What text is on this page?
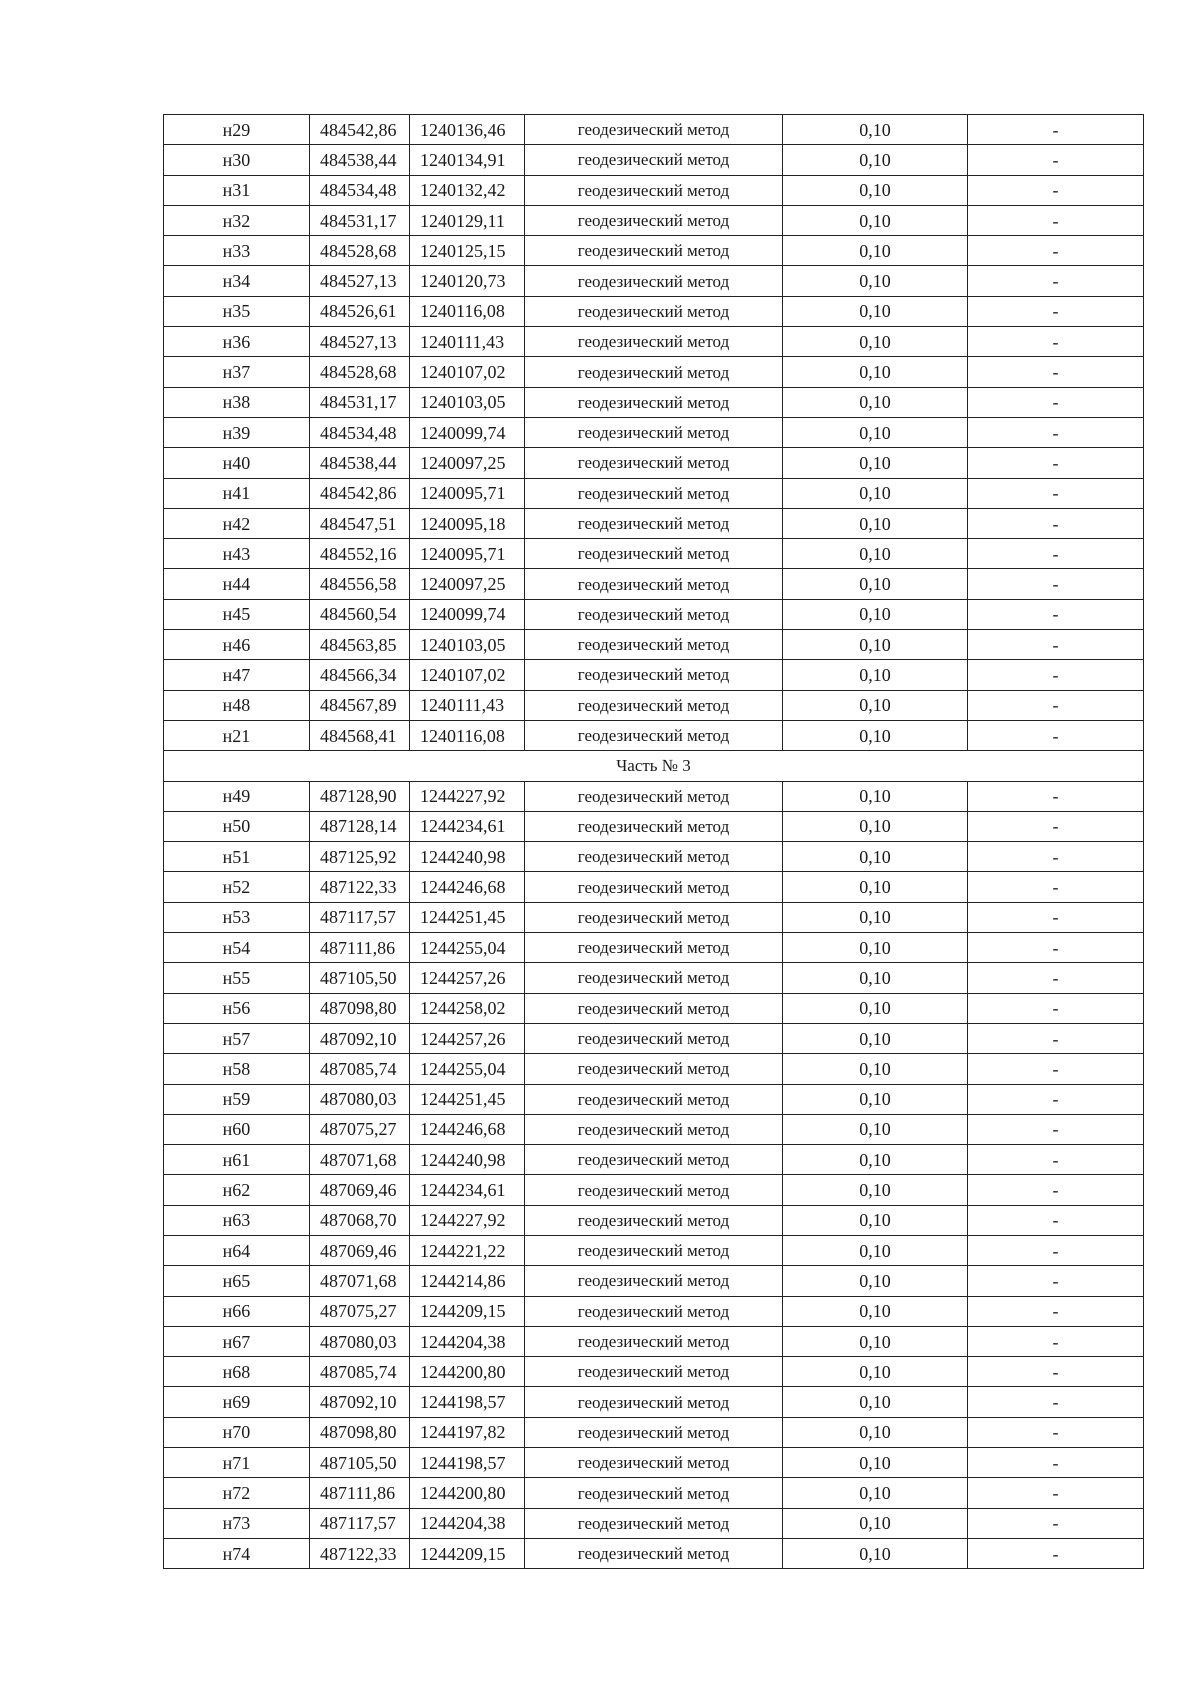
н29	484542,86	1240136,46	геодезический метод	0,10	-
н30	484538,44	1240134,91	геодезический метод	0,10	-
н31	484534,48	1240132,42	геодезический метод	0,10	-
н32	484531,17	1240129,11	геодезический метод	0,10	-
н33	484528,68	1240125,15	геодезический метод	0,10	-
н34	484527,13	1240120,73	геодезический метод	0,10	-
н35	484526,61	1240116,08	геодезический метод	0,10	-
н36	484527,13	1240111,43	геодезический метод	0,10	-
н37	484528,68	1240107,02	геодезический метод	0,10	-
н38	484531,17	1240103,05	геодезический метод	0,10	-
н39	484534,48	1240099,74	геодезический метод	0,10	-
н40	484538,44	1240097,25	геодезический метод	0,10	-
н41	484542,86	1240095,71	геодезический метод	0,10	-
н42	484547,51	1240095,18	геодезический метод	0,10	-
н43	484552,16	1240095,71	геодезический метод	0,10	-
н44	484556,58	1240097,25	геодезический метод	0,10	-
н45	484560,54	1240099,74	геодезический метод	0,10	-
н46	484563,85	1240103,05	геодезический метод	0,10	-
н47	484566,34	1240107,02	геодезический метод	0,10	-
н48	484567,89	1240111,43	геодезический метод	0,10	-
н21	484568,41	1240116,08	геодезический метод	0,10	-
Часть № 3					
н49	487128,90	1244227,92	геодезический метод	0,10	-
н50	487128,14	1244234,61	геодезический метод	0,10	-
н51	487125,92	1244240,98	геодезический метод	0,10	-
н52	487122,33	1244246,68	геодезический метод	0,10	-
н53	487117,57	1244251,45	геодезический метод	0,10	-
н54	487111,86	1244255,04	геодезический метод	0,10	-
н55	487105,50	1244257,26	геодезический метод	0,10	-
н56	487098,80	1244258,02	геодезический метод	0,10	-
н57	487092,10	1244257,26	геодезический метод	0,10	-
н58	487085,74	1244255,04	геодезический метод	0,10	-
н59	487080,03	1244251,45	геодезический метод	0,10	-
н60	487075,27	1244246,68	геодезический метод	0,10	-
н61	487071,68	1244240,98	геодезический метод	0,10	-
н62	487069,46	1244234,61	геодезический метод	0,10	-
н63	487068,70	1244227,92	геодезический метод	0,10	-
н64	487069,46	1244221,22	геодезический метод	0,10	-
н65	487071,68	1244214,86	геодезический метод	0,10	-
н66	487075,27	1244209,15	геодезический метод	0,10	-
н67	487080,03	1244204,38	геодезический метод	0,10	-
н68	487085,74	1244200,80	геодезический метод	0,10	-
н69	487092,10	1244198,57	геодезический метод	0,10	-
н70	487098,80	1244197,82	геодезический метод	0,10	-
н71	487105,50	1244198,57	геодезический метод	0,10	-
н72	487111,86	1244200,80	геодезический метод	0,10	-
н73	487117,57	1244204,38	геодезический метод	0,10	-
н74	487122,33	1244209,15	геодезический метод	0,10	-
